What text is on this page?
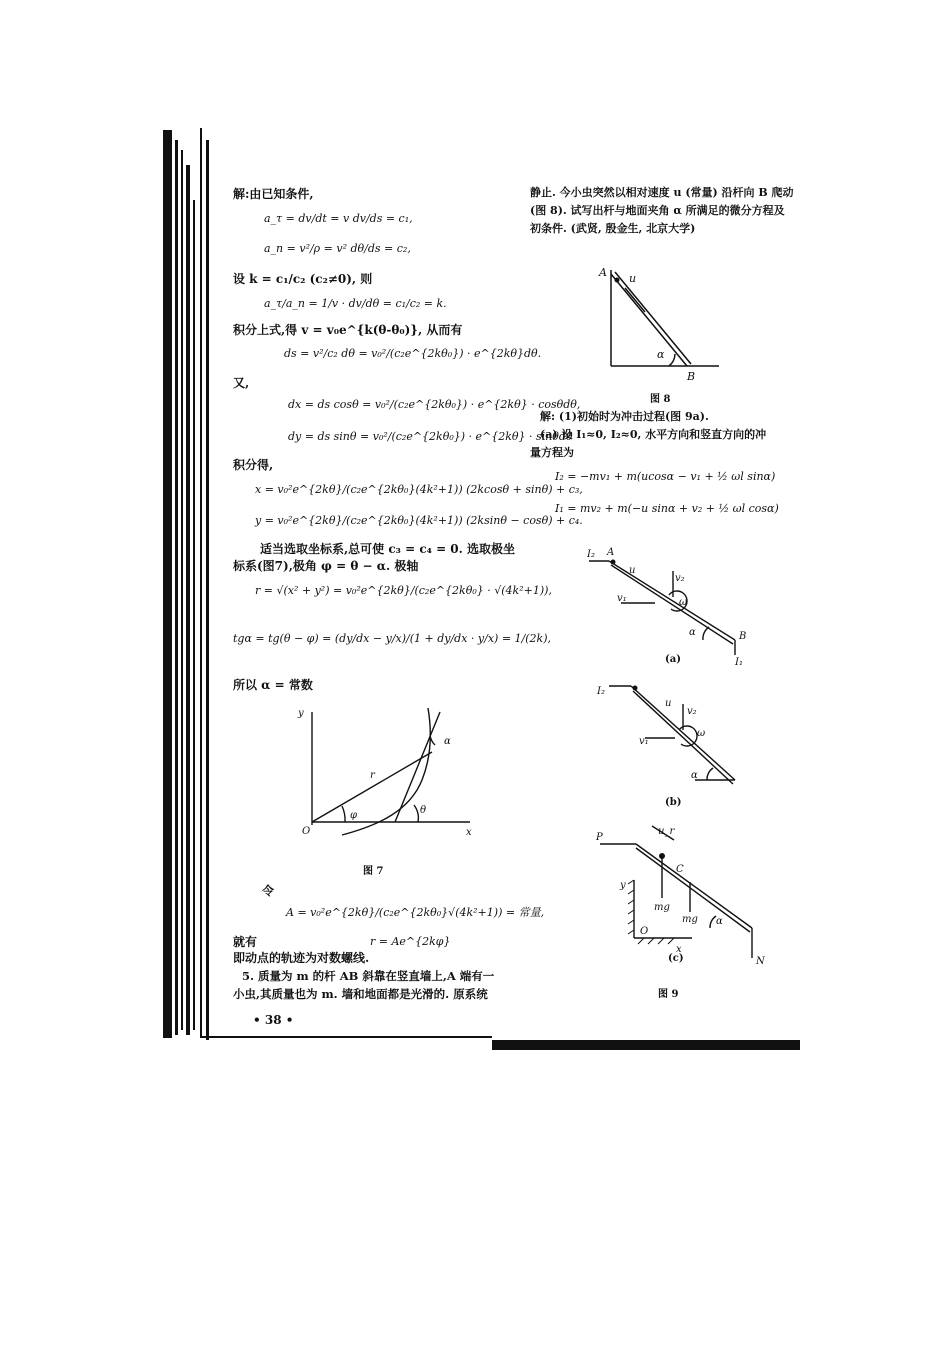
解:由已知条件,
a_τ = dv/dt = v dv/ds = c₁,
a_n = v²/ρ = v² dθ/ds = c₂,
设 k = c₁/c₂ (c₂≠0), 则
a_τ/a_n = 1/v · dv/dθ = c₁/c₂ = k.
积分上式,得 v = v₀e^{k(θ-θ₀)}, 从而有
ds = v²/c₂ dθ = v₀²/(c₂e^{2kθ₀}) · e^{2kθ}dθ.
又,
dx = ds cosθ = v₀²/(c₂e^{2kθ₀}) · e^{2kθ} · cosθdθ,
dy = ds sinθ = v₀²/(c₂e^{2kθ₀}) · e^{2kθ} · sinθdθ
积分得,
x = v₀²e^{2kθ}/(c₂e^{2kθ₀}(4k²+1)) (2kcosθ + sinθ) + c₃,
y = v₀²e^{2kθ}/(c₂e^{2kθ₀}(4k²+1)) (2ksinθ − cosθ) + c₄.
适当选取坐标系,总可使 c₃ = c₄ = 0. 选取极坐
标系(图7),极角 φ = θ − α. 极轴
r = √(x² + y²) = v₀²e^{2kθ}/(c₂e^{2kθ₀} · √(4k²+1)),
tgα = tg(θ − φ) = (dy/dx − y/x)/(1 + dy/dx · y/x) = 1/(2k),
所以 α = 常数
y
x
O
r
φ	θ
α
图 7
令
A = v₀²e^{2kθ}/(c₂e^{2kθ₀}√(4k²+1)) = 常量,
就有	r = Ae^{2kφ}
即动点的轨迹为对数螺线.
5. 质量为 m 的杆 AB 斜靠在竖直墙上,A 端有一
小虫,其质量也为 m. 墙和地面都是光滑的. 原系统
• 38 •
静止. 今小虫突然以相对速度 u (常量) 沿杆向 B 爬动
(图 8). 试写出杆与地面夹角 α 所满足的微分方程及
初条件. (武贤, 殷金生, 北京大学)
A u
α
B
图 8
解: (1)初始时为冲击过程(图 9a).
(a) 设 I₁≈0, I₂≈0, 水平方向和竖直方向的冲
量方程为
I₂ = −mv₁ + m(ucosα − v₁ + ½ ωl sinα)
I₁ = mv₂ + m(−u sinα + v₂ + ½ ωl cosα)
I₂ A
u
v₂
v₁	ω
α	B
I₁
(a)
I₂
u
v₂
v₁
ω
α
(b)
P
u_r
C
y
mg
mg
O
x
α
N
(c)
图 9
